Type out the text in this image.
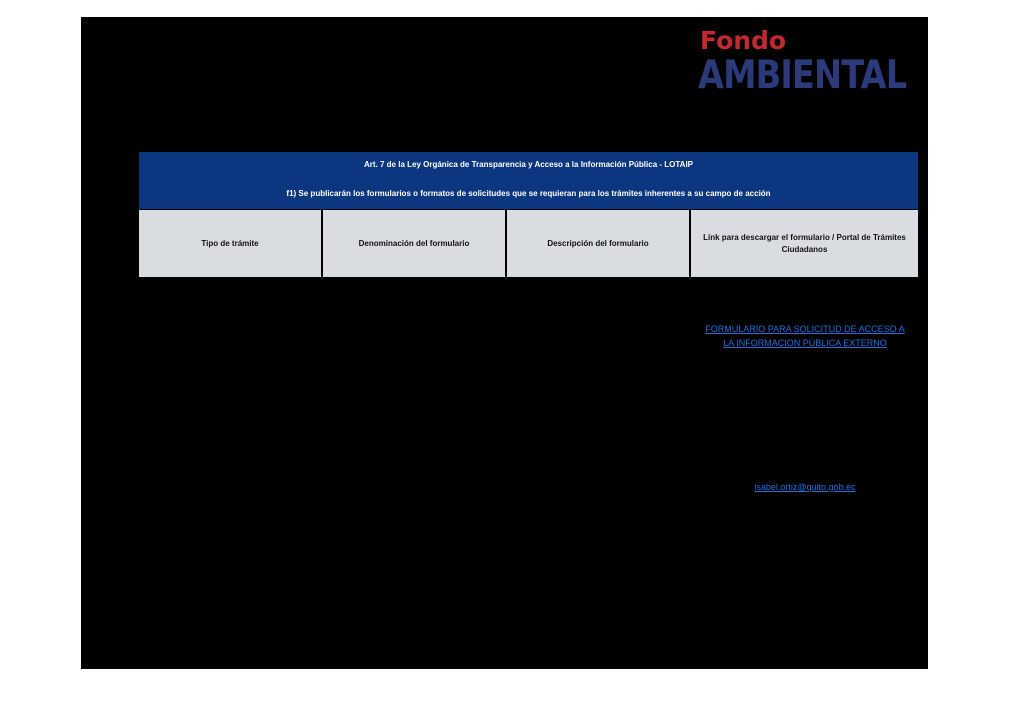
Fondo
AMBIENTAL
Art. 7 de la Ley Orgánica de Transparencia y Acceso a la Información Pública - LOTAIP
f1) Se publicarán los formularios o formatos de solicitudes que se requieran para los trámites inherentes a su campo de acción
Tipo de trámite	Denominación del formulario	Descripción del formulario
Link para descargar el formulario / Portal de Trámites Ciudadanos
FORMULARIO PARA SOLICITUD DE ACCESO A LA INFORMACION PÚBLICA EXTERNO
isabel.ortiz@quito.gob.ec
